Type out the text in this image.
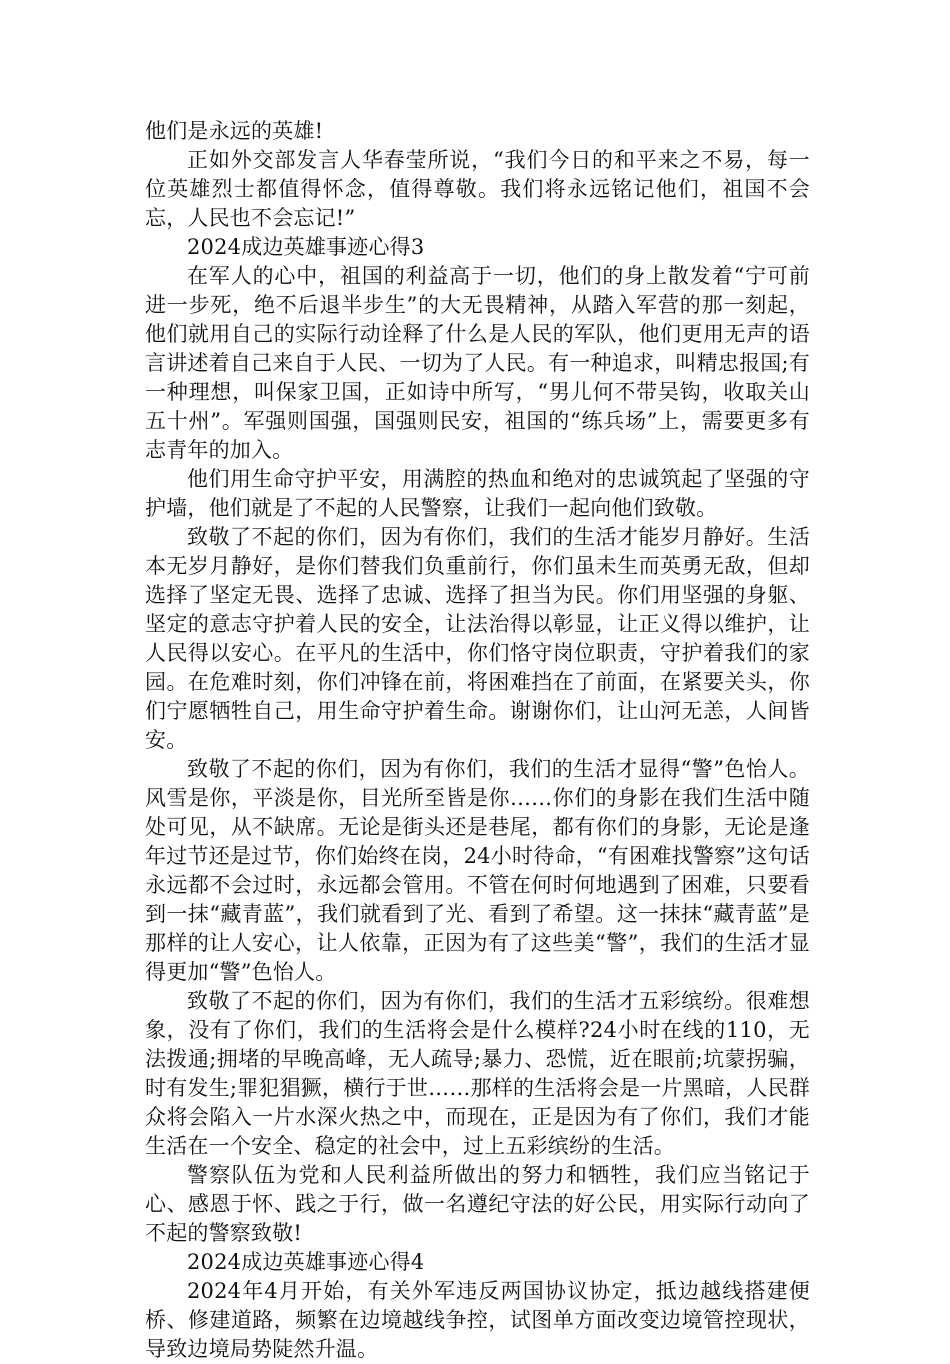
他们是永远的英雄!

正如外交部发言人华春莹所说，“我们今日的和平来之不易，每一位英雄烈士都值得怀念，值得尊敬。我们将永远铭记他们，祖国不会忘，人民也不会忘记!”

2024成边英雄事迹心得3

在军人的心中，祖国的利益高于一切，他们的身上散发着“宁可前进一步死，绝不后退半步生”的大无畏精神，从踏入军营的那一刻起，他们就用自己的实际行动诠释了什么是人民的军队，他们更用无声的语言讲述着自己来自于人民、一切为了人民。有一种追求，叫精忠报国;有一种理想，叫保家卫国，正如诗中所写，“男儿何不带吴钩，收取关山五十州”。军强则国强，国强则民安，祖国的“练兵场”上，需要更多有志青年的加入。

他们用生命守护平安，用满腔的热血和绝对的忠诚筑起了坚强的守护墙，他们就是了不起的人民警察，让我们一起向他们致敬。

致敬了不起的你们，因为有你们，我们的生活才能岁月静好。生活本无岁月静好，是你们替我们负重前行，你们虽未生而英勇无敌，但却选择了坚定无畏、选择了忠诚、选择了担当为民。你们用坚强的身躯、坚定的意志守护着人民的安全，让法治得以彰显，让正义得以维护，让人民得以安心。在平凡的生活中，你们恪守岗位职责，守护着我们的家园。在危难时刻，你们冲锋在前，将困难挡在了前面，在紧要关头，你们宁愿牺牲自己，用生命守护着生命。谢谢你们，让山河无恙，人间皆安。

致敬了不起的你们，因为有你们，我们的生活才显得“警”色怡人。风雪是你，平淡是你，目光所至皆是你……你们的身影在我们生活中随处可见，从不缺席。无论是街头还是巷尾，都有你们的身影，无论是逢年过节还是过节，你们始终在岗，24小时待命，“有困难找警察”这句话永远都不会过时，永远都会管用。不管在何时何地遇到了困难，只要看到一抹“藏青蓝”，我们就看到了光、看到了希望。这一抹抹“藏青蓝”是那样的让人安心，让人依靠，正因为有了这些美“警”，我们的生活才显得更加“警”色怡人。

致敬了不起的你们，因为有你们，我们的生活才五彩缤纷。很难想象，没有了你们，我们的生活将会是什么模样?24小时在线的110，无法拨通;拥堵的早晚高峰，无人疏导;暴力、恐慌，近在眼前;坑蒙拐骗，时有发生;罪犯猖獗，横行于世……那样的生活将会是一片黑暗，人民群众将会陷入一片水深火热之中，而现在，正是因为有了你们，我们才能生活在一个安全、稳定的社会中，过上五彩缤纷的生活。

警察队伍为党和人民利益所做出的努力和牺牲，我们应当铭记于心、感恩于怀、践之于行，做一名遵纪守法的好公民，用实际行动向了不起的警察致敬!

2024成边英雄事迹心得4

2024年4月开始，有关外军违反两国协议协定，抵边越线搭建便桥、修建道路，频繁在边境越线争控，试图单方面改变边境管控现状，导致边境局势陡然升温。
